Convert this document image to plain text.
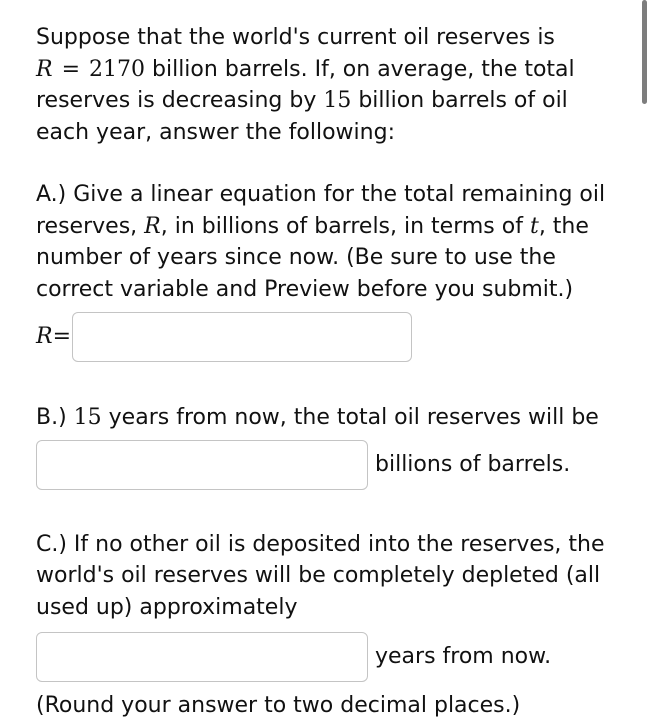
Suppose that the world's current oil reserves is
R = 2170 billion barrels. If, on average, the total
reserves is decreasing by 15 billion barrels of oil
each year, answer the following:
A.) Give a linear equation for the total remaining oil
reserves, R, in billions of barrels, in terms of t, the
number of years since now. (Be sure to use the
correct variable and Preview before you submit.)
R=
B.) 15 years from now, the total oil reserves will be
billions of barrels.
C.) If no other oil is deposited into the reserves, the
world's oil reserves will be completely depleted (all
used up) approximately
years from now.
(Round your answer to two decimal places.)
